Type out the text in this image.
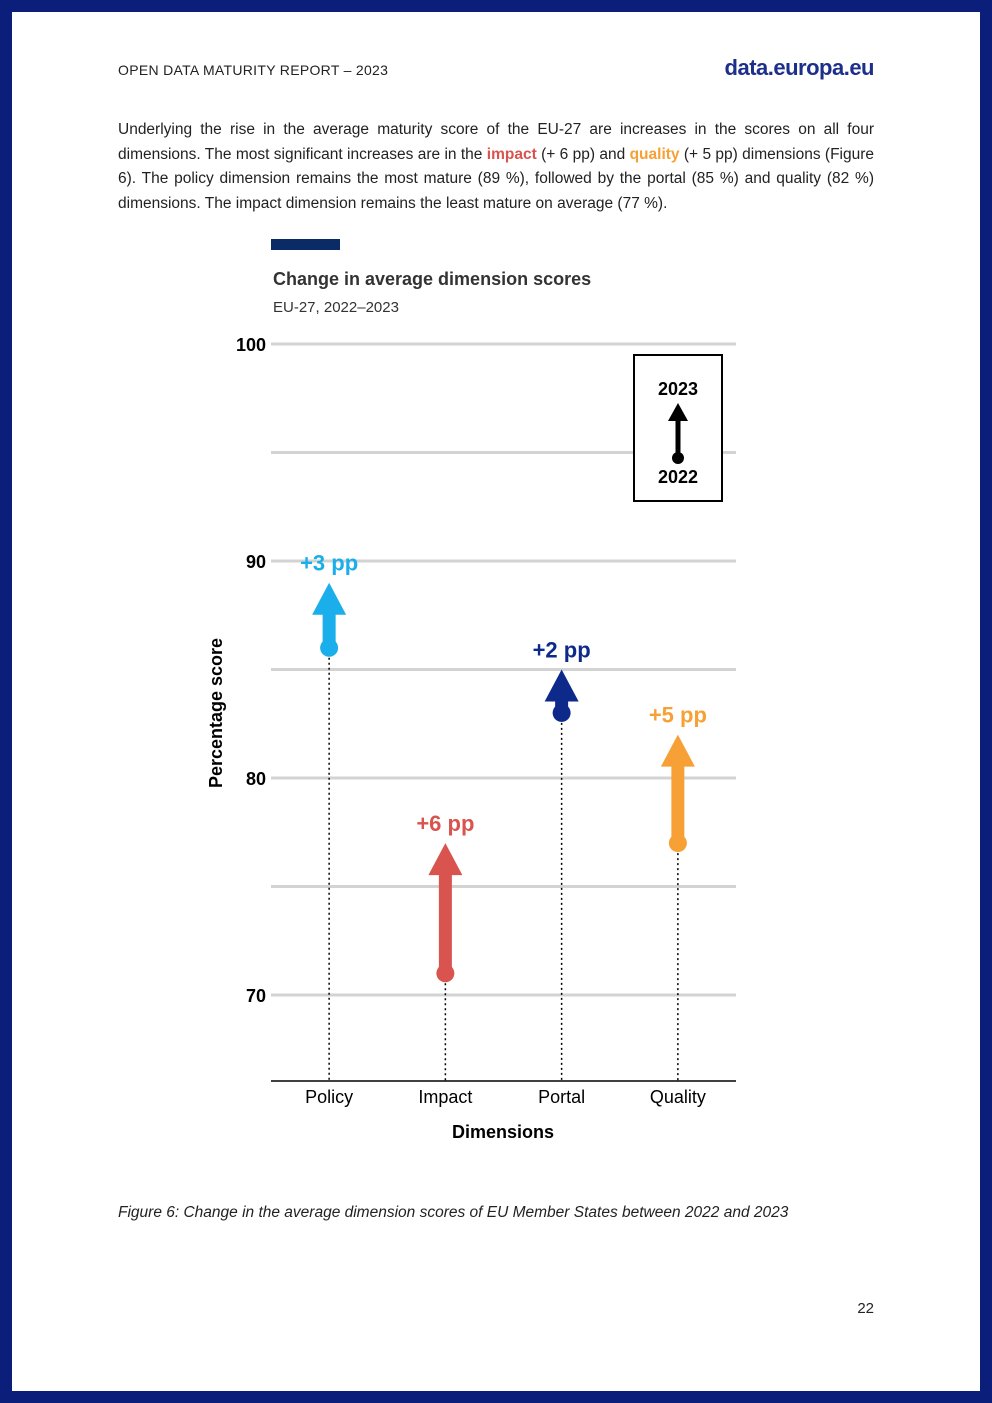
OPEN DATA MATURITY REPORT – 2023	data.europa.eu
Underlying the rise in the average maturity score of the EU-27 are increases in the scores on all four dimensions. The most significant increases are in the impact (+ 6 pp) and quality (+ 5 pp) dimensions (Figure 6). The policy dimension remains the most mature (89 %), followed by the portal (85 %) and quality (82 %) dimensions. The impact dimension remains the least mature on average (77 %).
Change in average dimension scores
EU-27, 2022–2023
70
80
90
100
+3 pp
+6 pp
+2 pp
+5 pp
Policy	Impact	Portal	Quality
Dimensions
Percentage score
2023
2022
Figure 6: Change in the average dimension scores of EU Member States between 2022 and 2023
22
